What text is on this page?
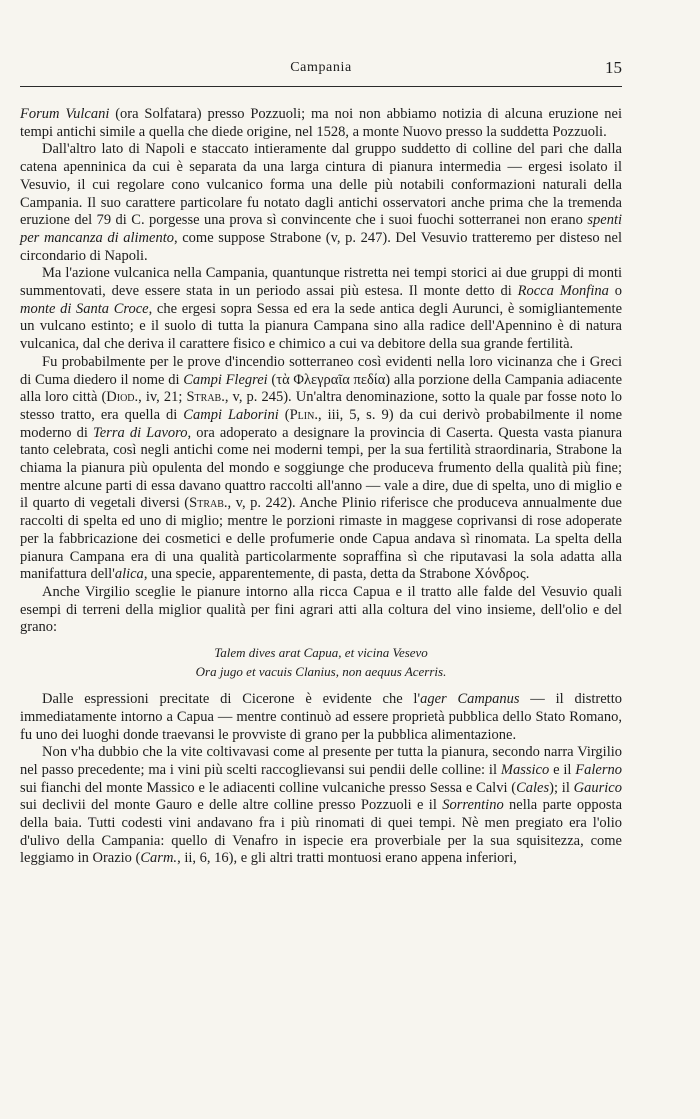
Campania	15

Forum Vulcani (ora Solfatara) presso Pozzuoli; ma noi non abbiamo notizia di alcuna eruzione nei tempi antichi simile a quella che diede origine, nel 1528, a monte Nuovo presso la suddetta Pozzuoli.

Dall'altro lato di Napoli e staccato intieramente dal gruppo suddetto di colline del pari che dalla catena apenninica da cui è separata da una larga cintura di pianura intermedia — ergesi isolato il Vesuvio, il cui regolare cono vulcanico forma una delle più notabili conformazioni naturali della Campania. Il suo carattere particolare fu notato dagli antichi osservatori anche prima che la tremenda eruzione del 79 di C. porgesse una prova sì convincente che i suoi fuochi sotterranei non erano spenti per mancanza di alimento, come suppose Strabone (v, p. 247). Del Vesuvio tratteremo per disteso nel circondario di Napoli.

Ma l'azione vulcanica nella Campania, quantunque ristretta nei tempi storici ai due gruppi di monti summentovati, deve essere stata in un periodo assai più estesa. Il monte detto di Rocca Monfina o monte di Santa Croce, che ergesi sopra Sessa ed era la sede antica degli Aurunci, è somigliantemente un vulcano estinto; e il suolo di tutta la pianura Campana sino alla radice dell'Apennino è di natura vulcanica, dal che deriva il carattere fisico e chimico a cui va debitore della sua grande fertilità.

Fu probabilmente per le prove d'incendio sotterraneo così evidenti nella loro vicinanza che i Greci di Cuma diedero il nome di Campi Flegrei (τὰ Φλεγραῖα πεδία) alla porzione della Campania adiacente alla loro città (Diod., iv, 21; Strab., v, p. 245). Un'altra denominazione, sotto la quale par fosse noto lo stesso tratto, era quella di Campi Laborini (Plin., iii, 5, s. 9) da cui derivò probabilmente il nome moderno di Terra di Lavoro, ora adoperato a designare la provincia di Caserta. Questa vasta pianura tanto celebrata, così negli antichi come nei moderni tempi, per la sua fertilità straordinaria, Strabone la chiama la pianura più opulenta del mondo e soggiunge che produceva frumento della qualità più fine; mentre alcune parti di essa davano quattro raccolti all'anno — vale a dire, due di spelta, uno di miglio e il quarto di vegetali diversi (Strab., v, p. 242). Anche Plinio riferisce che produceva annualmente due raccolti di spelta ed uno di miglio; mentre le porzioni rimaste in maggese coprivansi di rose adoperate per la fabbricazione dei cosmetici e delle profumerie onde Capua andava sì rinomata. La spelta della pianura Campana era di una qualità particolarmente sopraffina sì che riputavasi la sola adatta alla manifattura dell'alica, una specie, apparentemente, di pasta, detta da Strabone Χόνδρος.

Anche Virgilio sceglie le pianure intorno alla ricca Capua e il tratto alle falde del Vesuvio quali esempi di terreni della miglior qualità per fini agrari atti alla coltura del vino insieme, dell'olio e del grano:

Talem dives arat Capua, et vicina Vesevo
Ora jugo et vacuis Clanius, non aequus Acerris.

Dalle espressioni precitate di Cicerone è evidente che l'ager Campanus — il distretto immediatamente intorno a Capua — mentre continuò ad essere proprietà pubblica dello Stato Romano, fu uno dei luoghi donde traevansi le provviste di grano per la pubblica alimentazione.

Non v'ha dubbio che la vite coltivavasi come al presente per tutta la pianura, secondo narra Virgilio nel passo precedente; ma i vini più scelti raccoglievansi sui pendii delle colline: il Massico e il Falerno sui fianchi del monte Massico e le adiacenti colline vulcaniche presso Sessa e Calvi (Cales); il Gaurico sui declivii del monte Gauro e delle altre colline presso Pozzuoli e il Sorrentino nella parte opposta della baia. Tutti codesti vini andavano fra i più rinomati di quei tempi. Nè men pregiato era l'olio d'ulivo della Campania: quello di Venafro in ispecie era proverbiale per la sua squisitezza, come leggiamo in Orazio (Carm., ii, 6, 16), e gli altri tratti montuosi erano appena inferiori,
